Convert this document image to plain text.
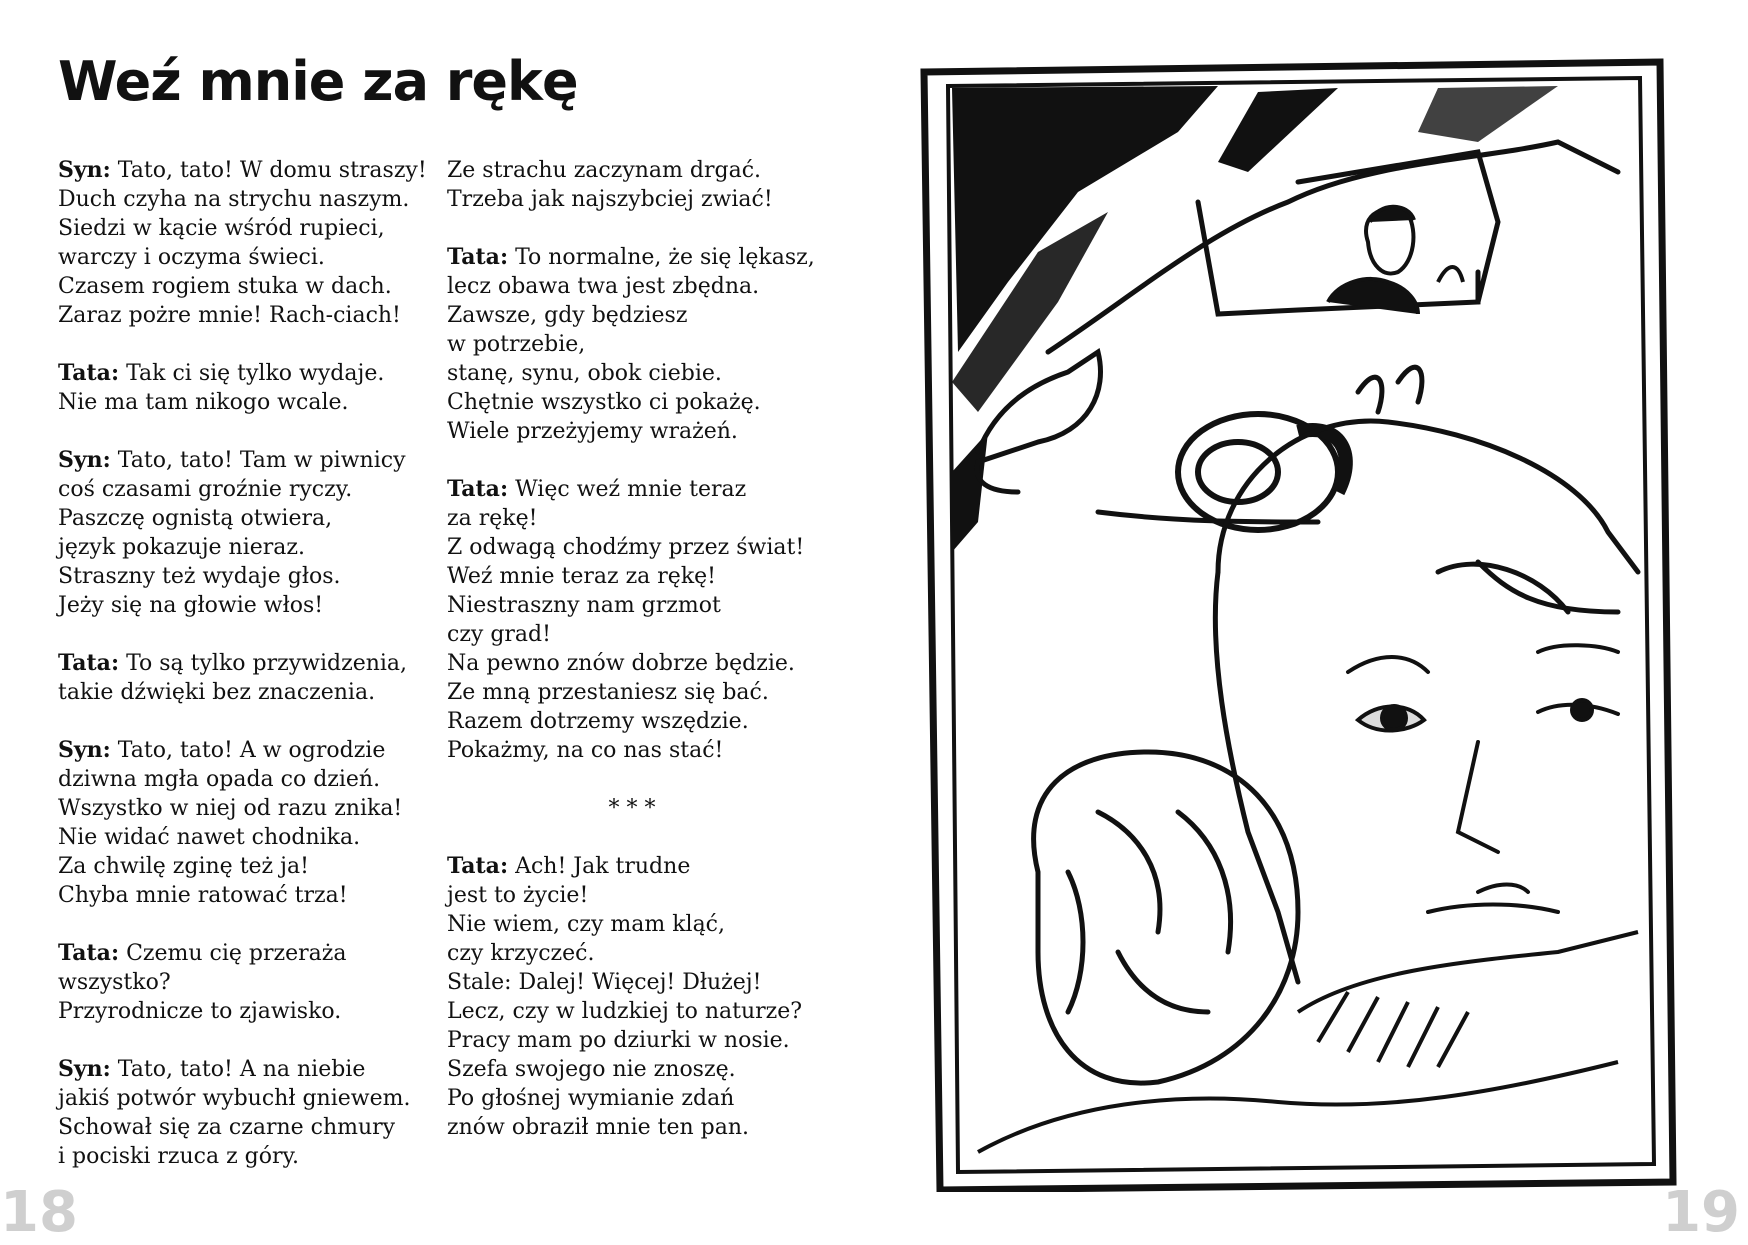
Weź mnie za rękę
Syn: Tato, tato! W domu straszy!
Duch czyha na strychu naszym.
Siedzi w kącie wśród rupieci,
warczy i oczyma świeci.
Czasem rogiem stuka w dach.
Zaraz pożre mnie! Rach-ciach!
Tata: Tak ci się tylko wydaje.
Nie ma tam nikogo wcale.
Syn: Tato, tato! Tam w piwnicy
coś czasami groźnie ryczy.
Paszczę ognistą otwiera,
język pokazuje nieraz.
Straszny też wydaje głos.
Jeży się na głowie włos!
Tata: To są tylko przywidzenia,
takie dźwięki bez znaczenia.
Syn: Tato, tato! A w ogrodzie
dziwna mgła opada co dzień.
Wszystko w niej od razu znika!
Nie widać nawet chodnika.
Za chwilę zginę też ja!
Chyba mnie ratować trza!
Tata: Czemu cię przeraża
wszystko?
Przyrodnicze to zjawisko.
Syn: Tato, tato! A na niebie
jakiś potwór wybuchł gniewem.
Schował się za czarne chmury
i pociski rzuca z góry.
Ze strachu zaczynam drgać.
Trzeba jak najszybciej zwiać!
Tata: To normalne, że się lękasz,
lecz obawa twa jest zbędna.
Zawsze, gdy będziesz
w potrzebie,
stanę, synu, obok ciebie.
Chętnie wszystko ci pokażę.
Wiele przeżyjemy wrażeń.
Tata: Więc weź mnie teraz
za rękę!
Z odwagą chodźmy przez świat!
Weź mnie teraz za rękę!
Niestraszny nam grzmot
czy grad!
Na pewno znów dobrze będzie.
Ze mną przestaniesz się bać.
Razem dotrzemy wszędzie.
Pokażmy, na co nas stać!
* * *
Tata: Ach! Jak trudne
jest to życie!
Nie wiem, czy mam kląć,
czy krzyczeć.
Stale: Dalej! Więcej! Dłużej!
Lecz, czy w ludzkiej to naturze?
Pracy mam po dziurki w nosie.
Szefa swojego nie znoszę.
Po głośnej wymianie zdań
znów obraził mnie ten pan.
18	19
